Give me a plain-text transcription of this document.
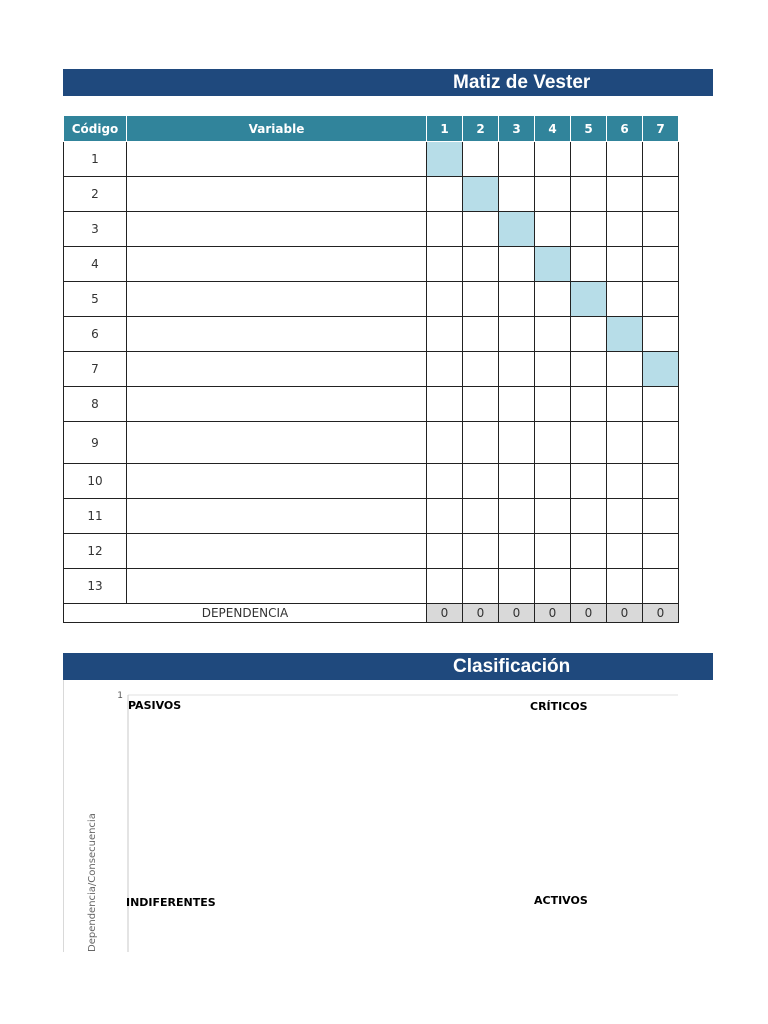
Matiz de Vester
Código	Variable	1	2	3	4	5	6	7
1								
2								
3								
4								
5								
6								
7								
8								
9								
10								
11								
12								
13								
DEPENDENCIA		0	0	0	0	0	0	0
Clasificación
1
PASIVOS	CRÍTICOS
INDIFERENTES	ACTIVOS
Dependencia/Consecuencia
